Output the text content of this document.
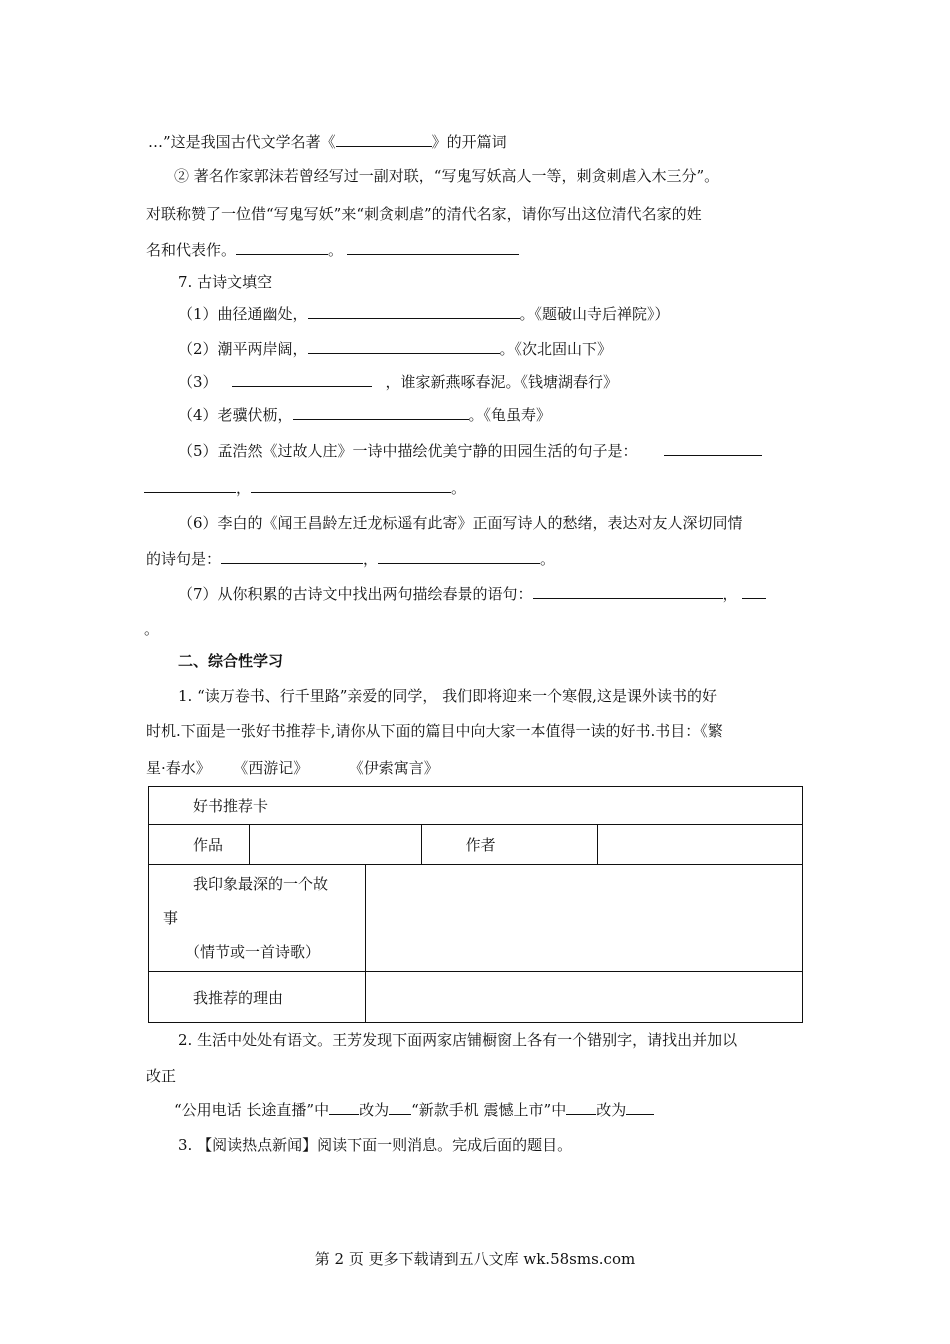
…”这是我国古代文学名著《	》的开篇词
② 著名作家郭沫若曾经写过一副对联，“写鬼写妖高人一等，刺贪刺虐入木三分”。
对联称赞了一位借“写鬼写妖”来“刺贪刺虐”的清代名家，请你写出这位清代名家的姓
名和代表作。	。
7. 古诗文填空
（1）曲径通幽处，	。《题破山寺后禅院》）
（2）潮平两岸阔，	。《次北固山下》
（3）	，谁家新燕啄春泥。《钱塘湖春行》
（4）老骥伏枥，	。《龟虽寿》
（5）孟浩然《过故人庄》一诗中描绘优美宁静的田园生活的句子是：
，	。
（6）李白的《闻王昌龄左迁龙标遥有此寄》正面写诗人的愁绪，表达对友人深切同情
的诗句是：	，	。
（7）从你积累的古诗文中找出两句描绘春景的语句：	，
。
二、综合性学习
1. “读万卷书、行千里路”亲爱的同学， 我们即将迎来一个寒假,这是课外读书的好
时机.下面是一张好书推荐卡,请你从下面的篇目中向大家一本值得一读的好书.书目：《繁
星·春水》 《西游记》	《伊索寓言》
好书推荐卡				
作品			作者	

我印象最深的一个故
事
（情节或一首诗歌）				

我推荐的理由				
2. 生活中处处有语文。王芳发现下面两家店铺橱窗上各有一个错别字，请找出并加以
改正
“公用电话 长途直播”中 改为 “新款手机 震憾上市”中 改为
3. 【阅读热点新闻】阅读下面一则消息。完成后面的题目。
第 2 页 更多下载请到五八文库 wk.58sms.com
